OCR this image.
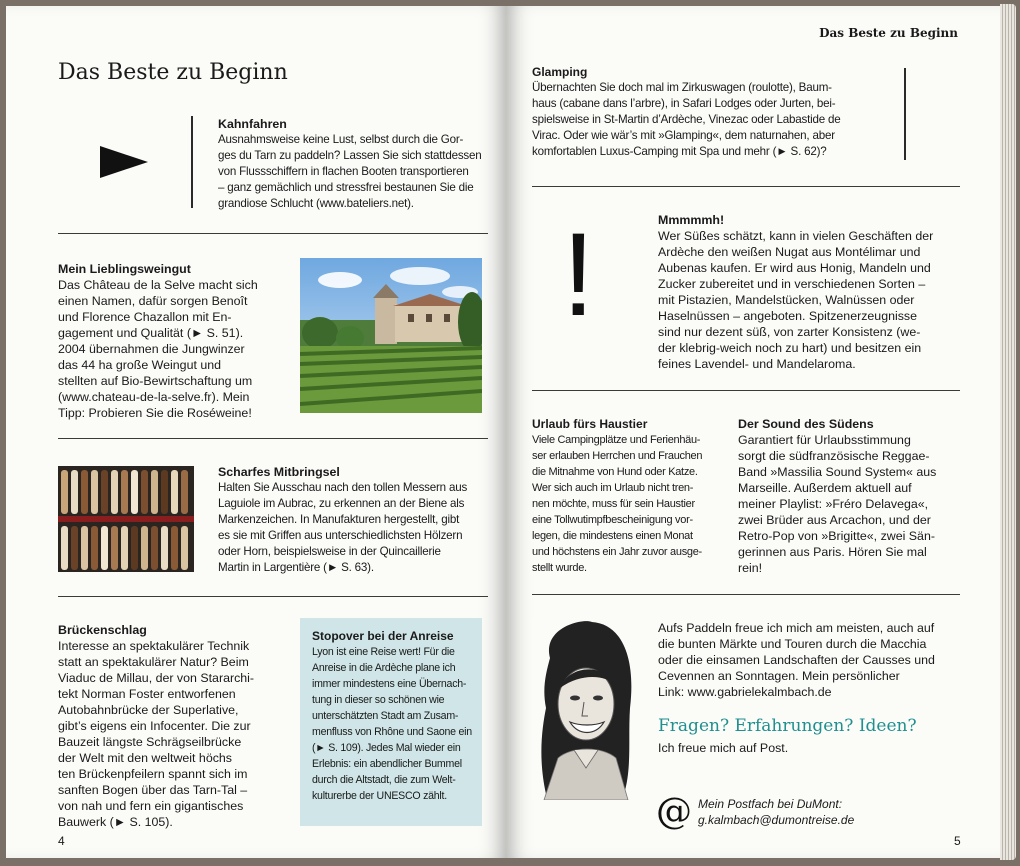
Das Beste zu Beginn
Kahnfahren
Ausnahmsweise keine Lust, selbst durch die Gor-
ges du Tarn zu paddeln? Lassen Sie sich stattdessen
von Flussschiffern in flachen Booten transportieren
– ganz gemächlich und stressfrei bestaunen Sie die
grandiose Schlucht (www.bateliers.net).
Mein Lieblingsweingut
Das Château de la Selve macht sich
einen Namen, dafür sorgen Benoît
und Florence Chazallon mit En-
gagement und Qualität (► S. 51).
2004 übernahmen die Jungwinzer
das 44 ha große Weingut und
stellten auf Bio-Bewirtschaftung um
(www.chateau-de-la-selve.fr). Mein
Tipp: Probieren Sie die Roséweine!
Scharfes Mitbringsel
Halten Sie Ausschau nach den tollen Messern aus
Laguiole im Aubrac, zu erkennen an der Biene als
Markenzeichen. In Manufakturen hergestellt, gibt
es sie mit Griffen aus unterschiedlichsten Hölzern
oder Horn, beispielsweise in der Quincaillerie
Martin in Largentière (► S. 63).
Brückenschlag
Interesse an spektakulärer Technik
statt an spektakulärer Natur? Beim
Viaduc de Millau, der von Stararchi-
tekt Norman Foster entworfenen
Autobahnbrücke der Superlative,
gibt’s eigens ein Infocenter. Die zur
Bauzeit längste Schrägseilbrücke
der Welt mit den weltweit höchs
ten Brückenpfeilern spannt sich im
sanften Bogen über das Tarn-Tal –
von nah und fern ein gigantisches
Bauwerk (► S. 105).
Stopover bei der Anreise
Lyon ist eine Reise wert! Für die
Anreise in die Ardèche plane ich
immer mindestens eine Übernach-
tung in dieser so schönen wie
unterschätzten Stadt am Zusam-
menfluss von Rhône und Saone ein
(► S. 109). Jedes Mal wieder ein
Erlebnis: ein abendlicher Bummel
durch die Altstadt, die zum Welt-
kulturerbe der UNESCO zählt.
4
Das Beste zu Beginn
Glamping
Übernachten Sie doch mal im Zirkuswagen (roulotte), Baum-
haus (cabane dans l’arbre), in Safari Lodges oder Jurten, bei-
spielsweise in St-Martin d’Ardèche, Vinezac oder Labastide de
Virac. Oder wie wär’s mit »Glamping«, dem naturnahen, aber
komfortablen Luxus-Camping mit Spa und mehr (► S. 62)?
!	Mmmmmh!
Wer Süßes schätzt, kann in vielen Geschäften der
Ardèche den weißen Nugat aus Montélimar und
Aubenas kaufen. Er wird aus Honig, Mandeln und
Zucker zubereitet und in verschiedenen Sorten –
mit Pistazien, Mandelstücken, Walnüssen oder
Haselnüssen – angeboten. Spitzenerzeugnisse
sind nur dezent süß, von zarter Konsistenz (we-
der klebrig-weich noch zu hart) und besitzen ein
feines Lavendel- und Mandelaroma.
Urlaub fürs Haustier
Viele Campingplätze und Ferienhäu-
ser erlauben Herrchen und Frauchen
die Mitnahme von Hund oder Katze.
Wer sich auch im Urlaub nicht tren-
nen möchte, muss für sein Haustier
eine Tollwutimpfbescheinigung vor-
legen, die mindestens einen Monat
und höchstens ein Jahr zuvor ausge-
stellt wurde.
Der Sound des Südens
Garantiert für Urlaubsstimmung
sorgt die südfranzösische Reggae-
Band »Massilia Sound System« aus
Marseille. Außerdem aktuell auf
meiner Playlist: »Fréro Delavega«,
zwei Brüder aus Arcachon, und der
Retro-Pop von »Brigitte«, zwei Sän-
gerinnen aus Paris. Hören Sie mal
rein!
Aufs Paddeln freue ich mich am meisten, auch auf
die bunten Märkte und Touren durch die Macchia
oder die einsamen Landschaften der Causses und
Cevennen an Sonntagen. Mein persönlicher
Link: www.gabrielekalmbach.de
Fragen? Erfahrungen? Ideen?
Ich freue mich auf Post.
@ Mein Postfach bei DuMont:
g.kalmbach@dumontreise.de
5
